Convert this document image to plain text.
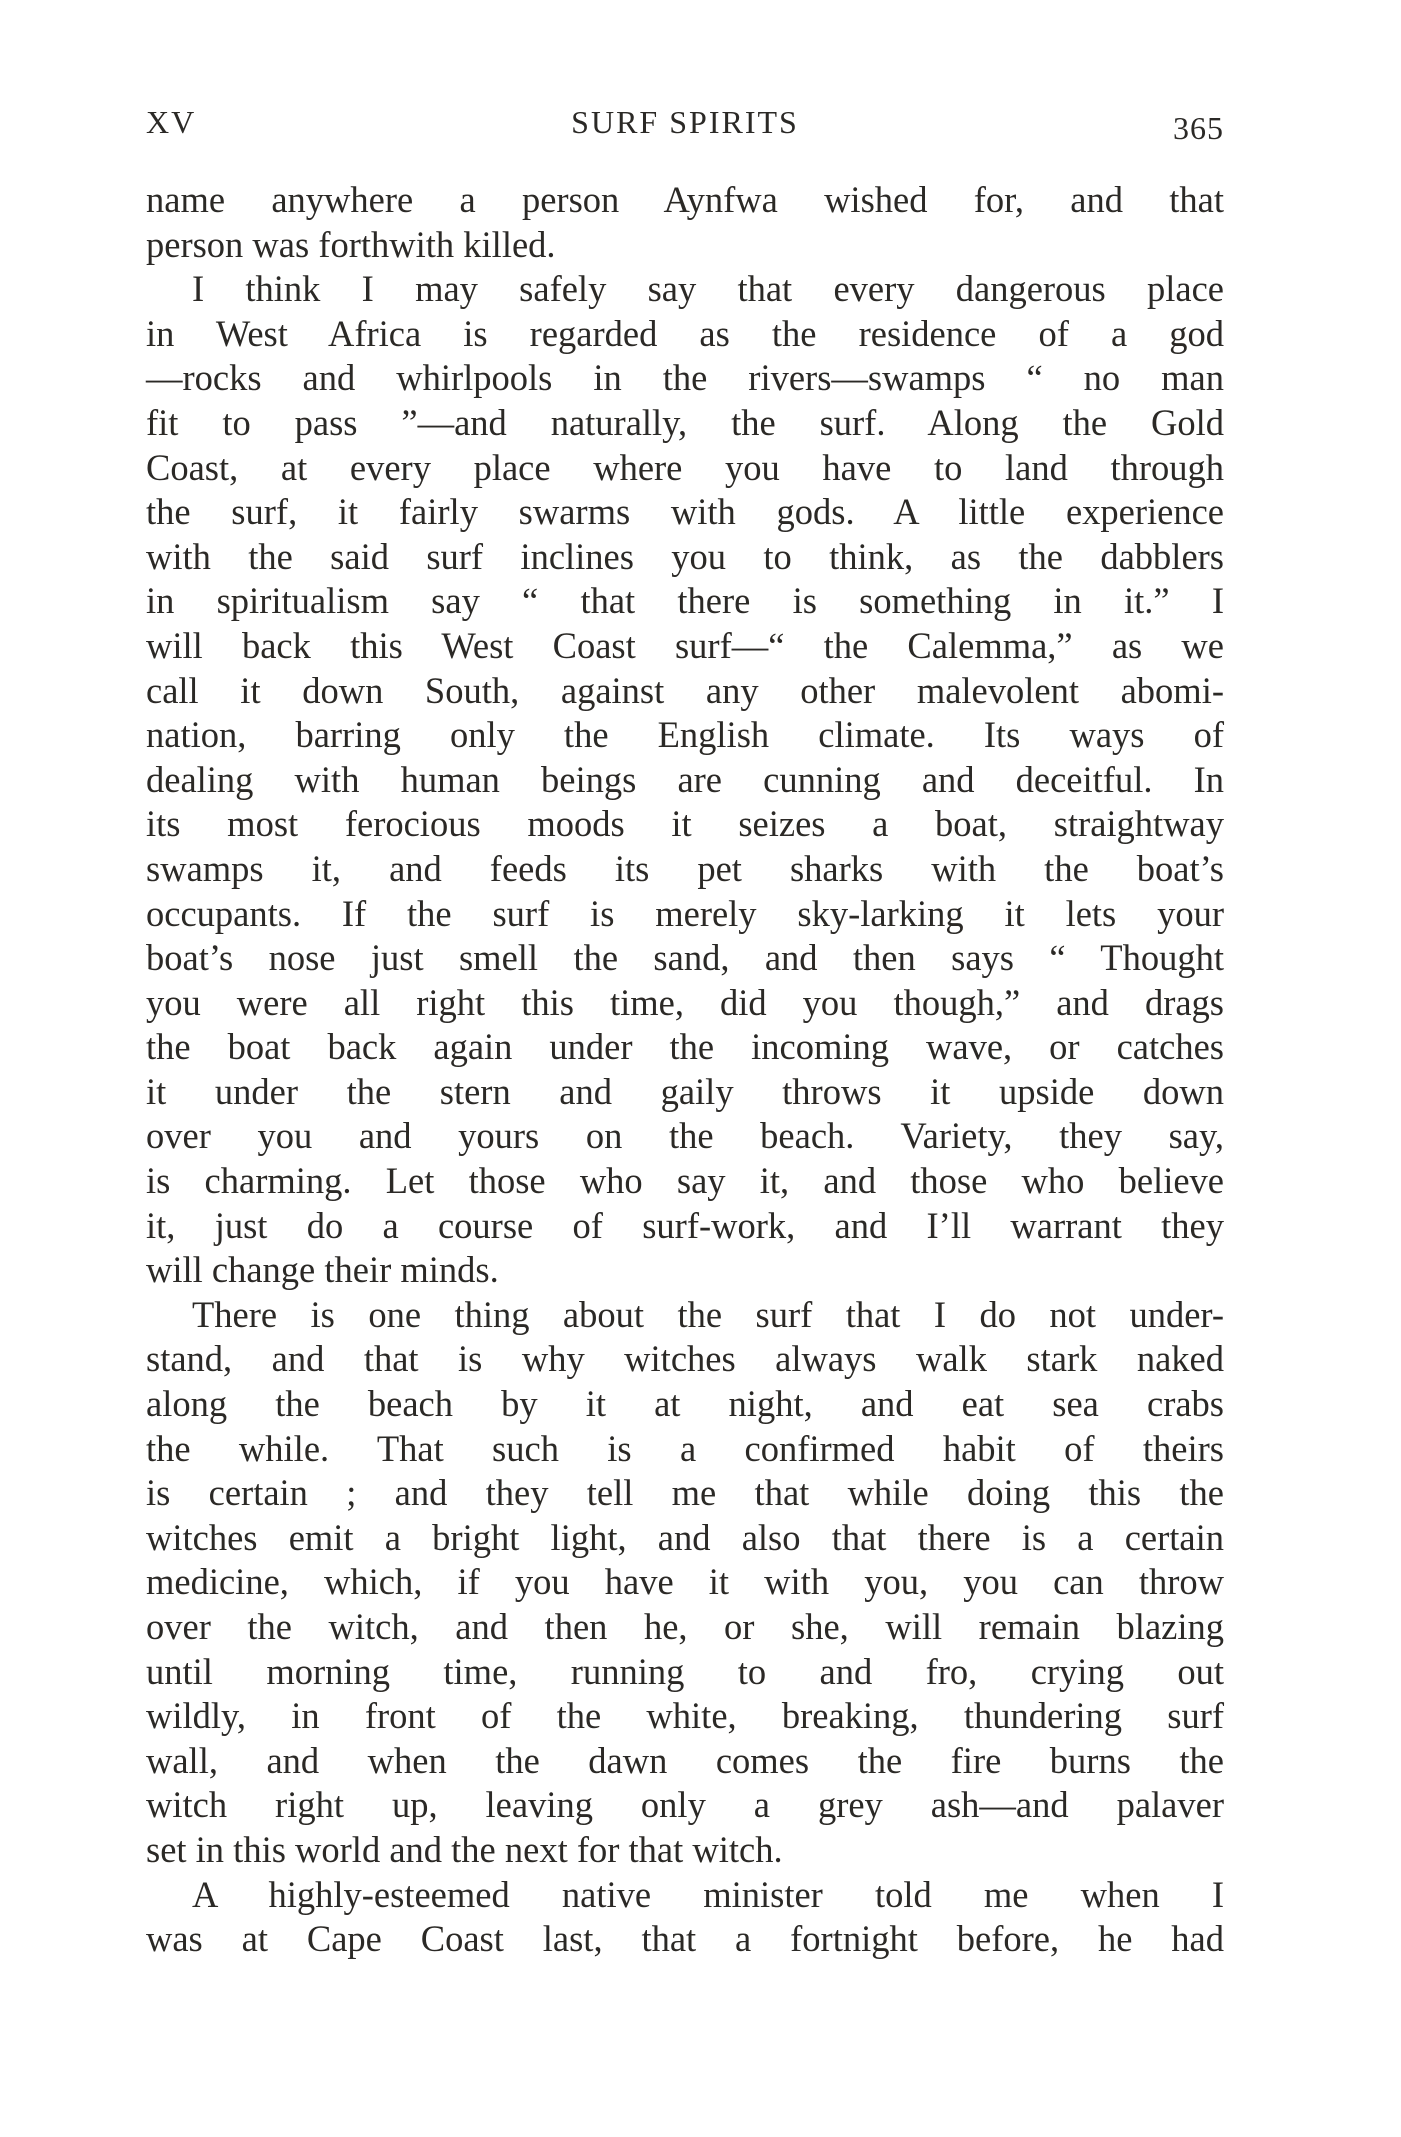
XV	SURF SPIRITS	365
name anywhere a person Aynfwa wished for, and that
person was forthwith killed.
I think I may safely say that every dangerous place
in West Africa is regarded as the residence of a god
—rocks and whirlpools in the rivers—swamps “ no man
fit to pass ”—and naturally, the surf. Along the Gold
Coast, at every place where you have to land through
the surf, it fairly swarms with gods. A little experience
with the said surf inclines you to think, as the dabblers
in spiritualism say “ that there is something in it.” I
will back this West Coast surf—“ the Calemma,” as we
call it down South, against any other malevolent abomi-
nation, barring only the English climate. Its ways of
dealing with human beings are cunning and deceitful. In
its most ferocious moods it seizes a boat, straightway
swamps it, and feeds its pet sharks with the boat’s
occupants. If the surf is merely sky-larking it lets your
boat’s nose just smell the sand, and then says “ Thought
you were all right this time, did you though,” and drags
the boat back again under the incoming wave, or catches
it under the stern and gaily throws it upside down
over you and yours on the beach. Variety, they say,
is charming. Let those who say it, and those who believe
it, just do a course of surf-work, and I’ll warrant they
will change their minds.
There is one thing about the surf that I do not under-
stand, and that is why witches always walk stark naked
along the beach by it at night, and eat sea crabs
the while. That such is a confirmed habit of theirs
is certain ; and they tell me that while doing this the
witches emit a bright light, and also that there is a certain
medicine, which, if you have it with you, you can throw
over the witch, and then he, or she, will remain blazing
until morning time, running to and fro, crying out
wildly, in front of the white, breaking, thundering surf
wall, and when the dawn comes the fire burns the
witch right up, leaving only a grey ash—and palaver
set in this world and the next for that witch.
A highly-esteemed native minister told me when I
was at Cape Coast last, that a fortnight before, he had
